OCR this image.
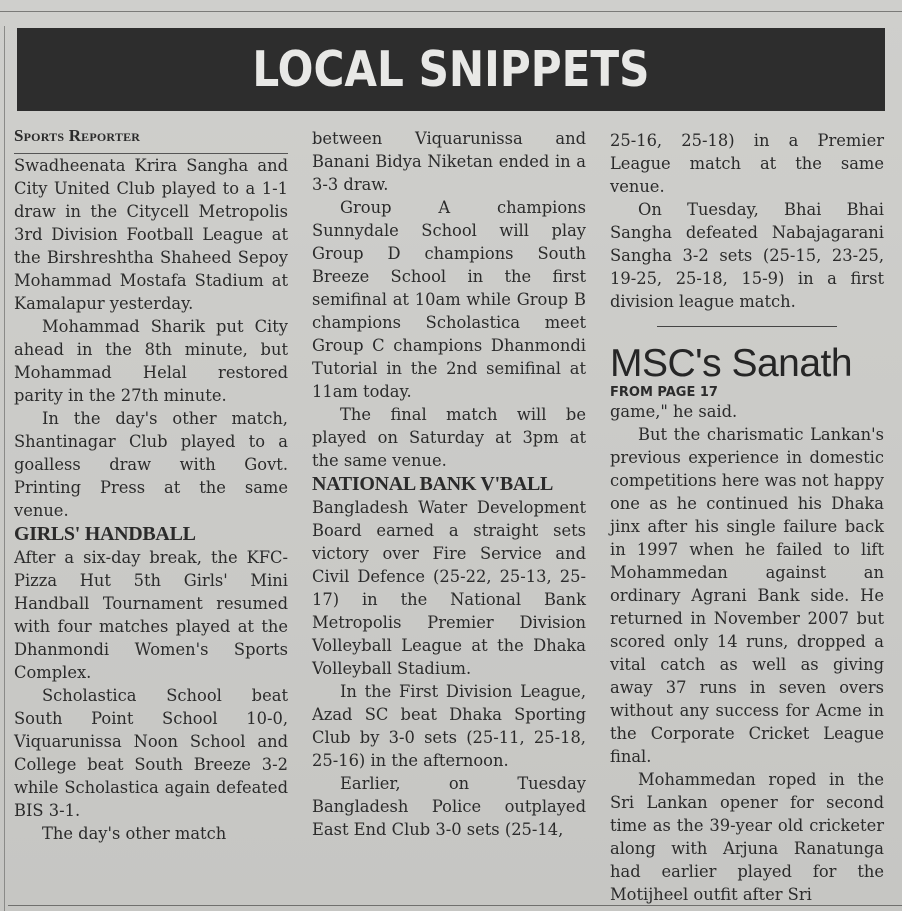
LOCAL SNIPPETS

Sports Reporter

Swadheenata Krira Sangha and City United Club played to a 1-1 draw in the Citycell Metropolis 3rd Division Football League at the Birshreshtha Shaheed Sepoy Mohammad Mostafa Stadium at Kamalapur yesterday.

Mohammad Sharik put City ahead in the 8th minute, but Mohammad Helal restored parity in the 27th minute.

In the day's other match, Shantinagar Club played to a goalless draw with Govt. Printing Press at the same venue.

GIRLS' HANDBALL

After a six-day break, the KFC-Pizza Hut 5th Girls' Mini Handball Tournament resumed with four matches played at the Dhanmondi Women's Sports Complex.

Scholastica School beat South Point School 10-0, Viquarunissa Noon School and College beat South Breeze 3-2 while Scholastica again defeated BIS 3-1.

The day's other match

between Viquarunissa and Banani Bidya Niketan ended in a 3-3 draw.

Group A champions Sunnydale School will play Group D champions South Breeze School in the first semifinal at 10am while Group B champions Scholastica meet Group C champions Dhanmondi Tutorial in the 2nd semifinal at 11am today.

The final match will be played on Saturday at 3pm at the same venue.

NATIONAL BANK V'BALL

Bangladesh Water Development Board earned a straight sets victory over Fire Service and Civil Defence (25-22, 25-13, 25-17) in the National Bank Metropolis Premier Division Volleyball League at the Dhaka Volleyball Stadium.

In the First Division League, Azad SC beat Dhaka Sporting Club by 3-0 sets (25-11, 25-18, 25-16) in the afternoon.

Earlier, on Tuesday Bangladesh Police outplayed East End Club 3-0 sets (25-14,

25-16, 25-18) in a Premier League match at the same venue.

On Tuesday, Bhai Bhai Sangha defeated Nabajagarani Sangha 3-2 sets (25-15, 23-25, 19-25, 25-18, 15-9) in a first division league match.

MSC's Sanath

FROM PAGE 17

game," he said.

But the charismatic Lankan's previous experience in domestic competitions here was not happy one as he continued his Dhaka jinx after his single failure back in 1997 when he failed to lift Mohammedan against an ordinary Agrani Bank side. He returned in November 2007 but scored only 14 runs, dropped a vital catch as well as giving away 37 runs in seven overs without any success for Acme in the Corporate Cricket League final.

Mohammedan roped in the Sri Lankan opener for second time as the 39-year old cricketer along with Arjuna Ranatunga had earlier played for the Motijheel outfit after Sri
